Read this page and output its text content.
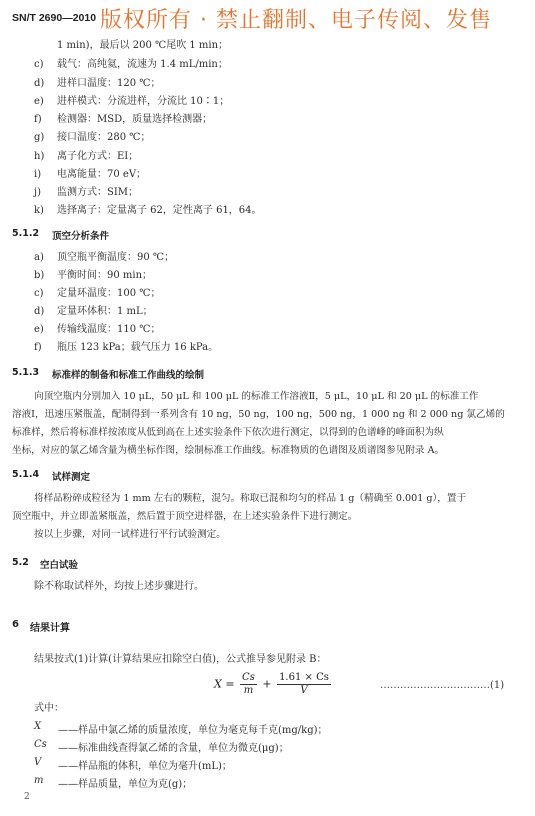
SN/T 2690—2010 版权所有 · 禁止翻制、电子传阅、发售
1 min)，最后以 200 ℃尾吹 1 min；
c) 载气：高纯氦，流速为 1.4 mL/min；
d) 进样口温度：120 ℃；
e) 进样模式：分流进样，分流比 10∶1；
f) 检测器：MSD，质量选择检测器；
g) 接口温度：280 ℃；
h) 离子化方式：EI；
i) 电离能量：70 eV；
j) 监测方式：SIM；
k) 选择离子：定量离子 62，定性离子 61，64。
5.1.2 顶空分析条件
a) 顶空瓶平衡温度：90 ℃；
b) 平衡时间：90 min；
c) 定量环温度：100 ℃；
d) 定量环体积：1 mL；
e) 传输线温度：110 ℃；
f) 瓶压 123 kPa；载气压力 16 kPa。
5.1.3 标准样的制备和标准工作曲线的绘制
向顶空瓶内分别加入 10 μL，50 μL 和 100 μL 的标准工作溶液Ⅱ，5 μL，10 μL 和 20 μL 的标准工作
溶液Ⅰ，迅速压紧瓶盖，配制得到一系列含有 10 ng，50 ng，100 ng，500 ng，1 000 ng 和 2 000 ng 氯乙烯的
标准样，然后将标准样按浓度从低到高在上述实验条件下依次进行测定，以得到的色谱峰的峰面积为纵
坐标，对应的氯乙烯含量为横坐标作图，绘制标准工作曲线。标准物质的色谱图及质谱图参见附录 A。
5.1.4 试样测定
将样品粉碎成粒径为 1 mm 左右的颗粒，混匀。称取已混和均匀的样品 1 g（精确至 0.001 g），置于
顶空瓶中，并立即盖紧瓶盖，然后置于顶空进样器，在上述实验条件下进行测定。
按以上步骤，对同一试样进行平行试验测定。
5.2 空白试验
除不称取试样外，均按上述步骤进行。
6 结果计算
结果按式(1)计算(计算结果应扣除空白值)，公式推导参见附录 B：
$X = \frac{Cs}{m} + \frac{1.61 \times Cs}{V}$	……………………………(1)
式中：
X ——样品中氯乙烯的质量浓度，单位为毫克每千克(mg/kg)；
Cs ——标准曲线查得氯乙烯的含量，单位为微克(μg)；
V ——样品瓶的体积，单位为毫升(mL)；
m ——样品质量，单位为克(g)；
2
